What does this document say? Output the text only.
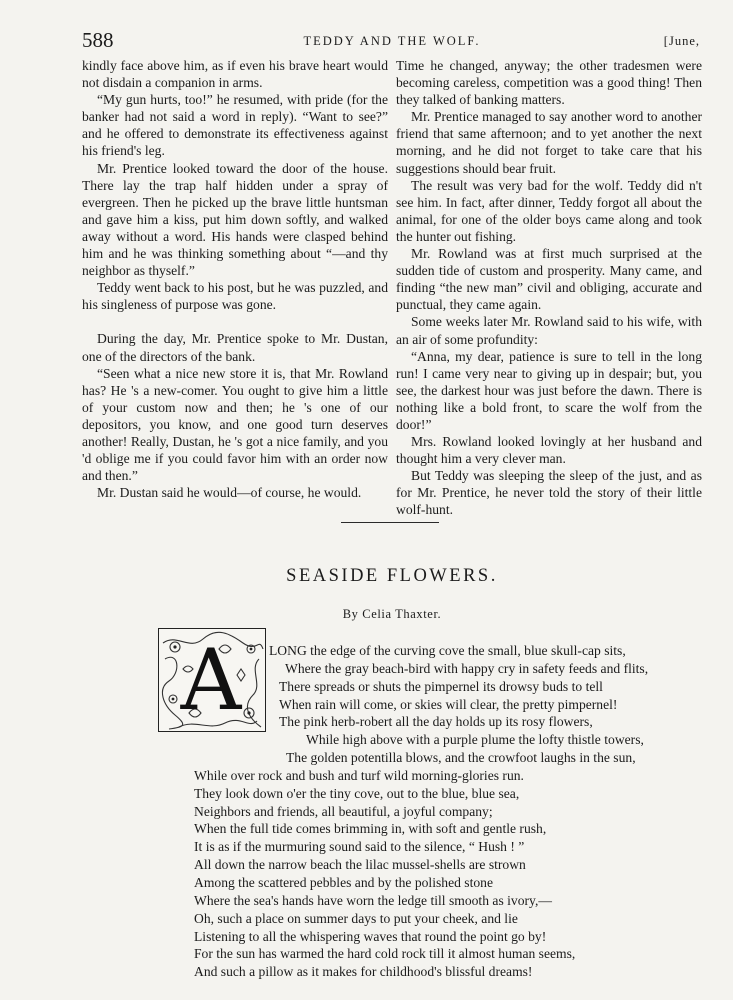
588	TEDDY AND THE WOLF.	[June,

kindly face above him, as if even his brave heart would not disdain a companion in arms.

“My gun hurts, too!” he resumed, with pride (for the banker had not said a word in reply). “Want to see?” and he offered to demonstrate its effectiveness against his friend's leg.

Mr. Prentice looked toward the door of the house. There lay the trap half hidden under a spray of evergreen. Then he picked up the brave little huntsman and gave him a kiss, put him down softly, and walked away without a word. His hands were clasped behind him and he was thinking something about “—and thy neighbor as thyself.”

Teddy went back to his post, but he was puzzled, and his singleness of purpose was gone.

During the day, Mr. Prentice spoke to Mr. Dustan, one of the directors of the bank.

“Seen what a nice new store it is, that Mr. Rowland has? He 's a new-comer. You ought to give him a little of your custom now and then; he 's one of our depositors, you know, and one good turn deserves another! Really, Dustan, he 's got a nice family, and you 'd oblige me if you could favor him with an order now and then.”

Mr. Dustan said he would—of course, he would.

Time he changed, anyway; the other tradesmen were becoming careless, competition was a good thing! Then they talked of banking matters.

Mr. Prentice managed to say another word to another friend that same afternoon; and to yet another the next morning, and he did not forget to take care that his suggestions should bear fruit.

The result was very bad for the wolf. Teddy did n't see him. In fact, after dinner, Teddy forgot all about the animal, for one of the older boys came along and took the hunter out fishing.

Mr. Rowland was at first much surprised at the sudden tide of custom and prosperity. Many came, and finding “the new man” civil and obliging, accurate and punctual, they came again.

Some weeks later Mr. Rowland said to his wife, with an air of some profundity:

“Anna, my dear, patience is sure to tell in the long run! I came very near to giving up in despair; but, you see, the darkest hour was just before the dawn. There is nothing like a bold front, to scare the wolf from the door!”

Mrs. Rowland looked lovingly at her husband and thought him a very clever man.

But Teddy was sleeping the sleep of the just, and as for Mr. Prentice, he never told the story of their little wolf-hunt.

SEASIDE FLOWERS.
By Celia Thaxter.
A	LONG the edge of the curving cove the small, blue skull-cap sits,
Where the gray beach-bird with happy cry in safety feeds and flits,
There spreads or shuts the pimpernel its drowsy buds to tell
When rain will come, or skies will clear, the pretty pimpernel!
The pink herb-robert all the day holds up its rosy flowers,
While high above with a purple plume the lofty thistle towers,
The golden potentilla blows, and the crowfoot laughs in the sun,
While over rock and bush and turf wild morning-glories run.
They look down o'er the tiny cove, out to the blue, blue sea,
Neighbors and friends, all beautiful, a joyful company;
When the full tide comes brimming in, with soft and gentle rush,
It is as if the murmuring sound said to the silence, “ Hush ! ”
All down the narrow beach the lilac mussel-shells are strown
Among the scattered pebbles and by the polished stone
Where the sea's hands have worn the ledge till smooth as ivory,—
Oh, such a place on summer days to put your cheek, and lie
Listening to all the whispering waves that round the point go by!
For the sun has warmed the hard cold rock till it almost human seems,
And such a pillow as it makes for childhood's blissful dreams!
